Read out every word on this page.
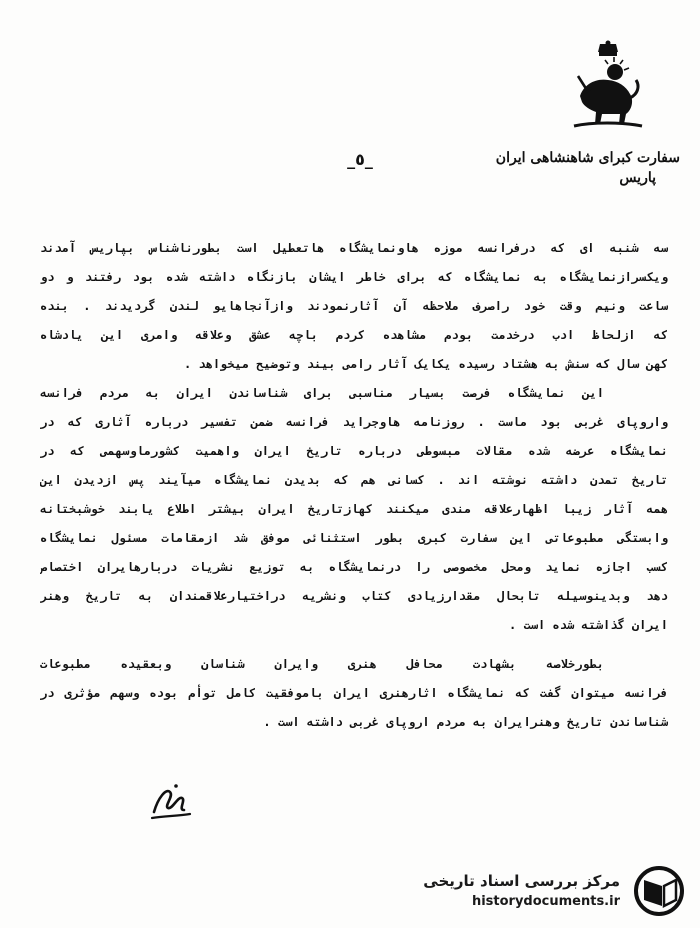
سفارت کبرای شاهنشاهی ایران
پاریس
_٥_
سه شنبه ای که درفرانسه موزه هاونمایشگاه هاتعطیل است بطورناشناس بپاریس آمدند
ویکسرازنمایشگاه به نمایشگاه که برای خاطر ایشان بازنگاه داشته شده بود رفتند و دو
ساعت ونیم وقت خود راصرف ملاحظه آن آثارنمودند وازآنجاهایو لندن گردیدند . بنده
که ازلحاظ ادب درخدمت بودم مشاهده کردم باچه عشق وعلاقه وامری این یادشاه
کهن سال که سنش به هشتاد رسیده یکایک آثار رامی بیند وتوضیح میخواهد .
این نمایشگاه فرصت بسیار مناسبی برای شناساندن ایران به مردم فرانسه
واروپای غربی بود ماست . روزنامه هاوجراید فرانسه ضمن تفسیر درباره آثاری که در
نمایشگاه عرضه شده مقالات مبسوطی درباره تاریخ ایران واهمیت کشورماوسهمی که در
تاریخ تمدن داشته نوشته اند . کسانی هم که بدیدن نمایشگاه میآیند پس ازدیدن این
همه آثار زیبا اظهارعلاقه مندی میکنند کهازتاریخ ایران بیشتر اطلاع یابند خوشبختانه
وابستگی مطبوعاتی این سفارت کبری بطور استثنائی موفق شد ازمقامات مسئول نمایشگاه
کسب اجازه نماید ومحل مخصوصی را درنمایشگاه به توزیع نشریات دربارهایران اختصاص
دهد وبدینوسیله تابحال مقدارزیادی کتاب ونشریه دراختیارعلاقمندان به تاریخ وهنر
ایران گذاشته شده است .
بطورخلاصه بشهادت محافل هنری وایران شناسان وبعقیده مطبوعات
فرانسه میتوان گفت که نمایشگاه اثارهنری ایران باموفقیت کامل توأم بوده وسهم مؤثری در
شناساندن تاریخ وهنرایران به مردم اروپای غربی داشته است .
مرکز بررسی اسناد تاریخی
historydocuments.ir
